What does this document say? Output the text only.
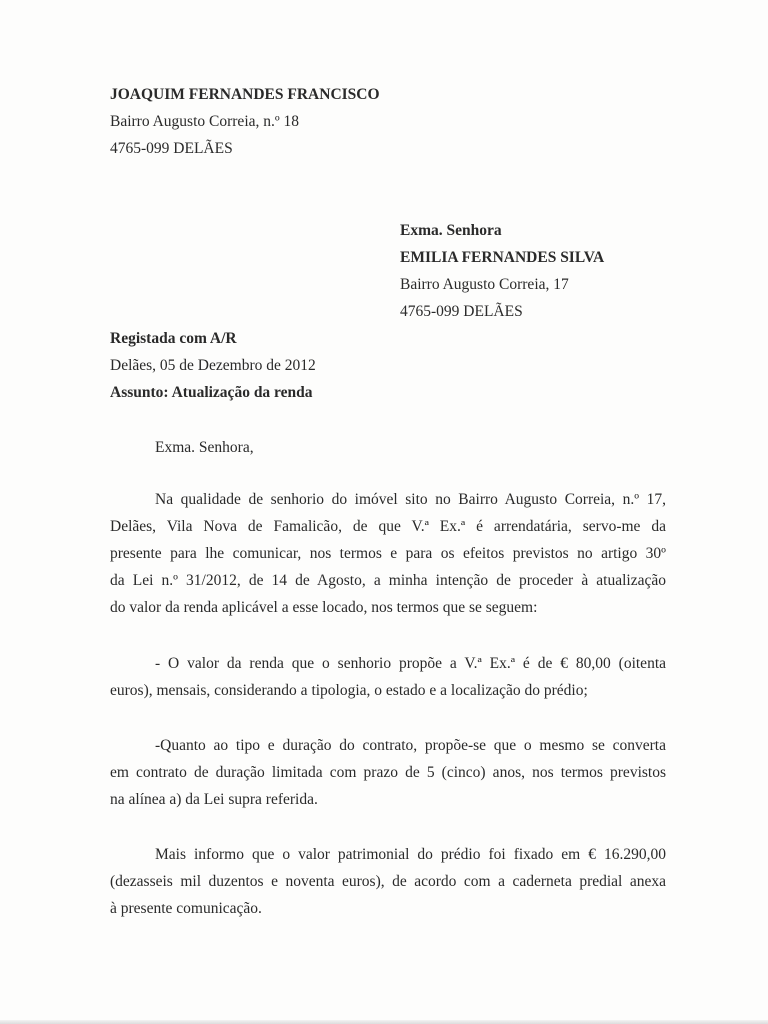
JOAQUIM FERNANDES FRANCISCO
Bairro Augusto Correia, n.º 18
4765-099 DELÃES
Exma. Senhora
EMILIA FERNANDES SILVA
Bairro Augusto Correia, 17
4765-099 DELÃES
Registada com A/R
Delães, 05 de Dezembro de 2012
Assunto: Atualização da renda
Exma. Senhora,
Na qualidade de senhorio do imóvel sito no Bairro Augusto Correia, n.º 17,
Delães, Vila Nova de Famalicão, de que V.ª Ex.ª é arrendatária, servo-me da
presente para lhe comunicar, nos termos e para os efeitos previstos no artigo 30º
da Lei n.º 31/2012, de 14 de Agosto, a minha intenção de proceder à atualização
do valor da renda aplicável a esse locado, nos termos que se seguem:
- O valor da renda que o senhorio propõe a V.ª Ex.ª é de € 80,00 (oitenta
euros), mensais, considerando a tipologia, o estado e a localização do prédio;
-Quanto ao tipo e duração do contrato, propõe-se que o mesmo se converta
em contrato de duração limitada com prazo de 5 (cinco) anos, nos termos previstos
na alínea a) da Lei supra referida.
Mais informo que o valor patrimonial do prédio foi fixado em € 16.290,00
(dezasseis mil duzentos e noventa euros), de acordo com a caderneta predial anexa
à presente comunicação.
